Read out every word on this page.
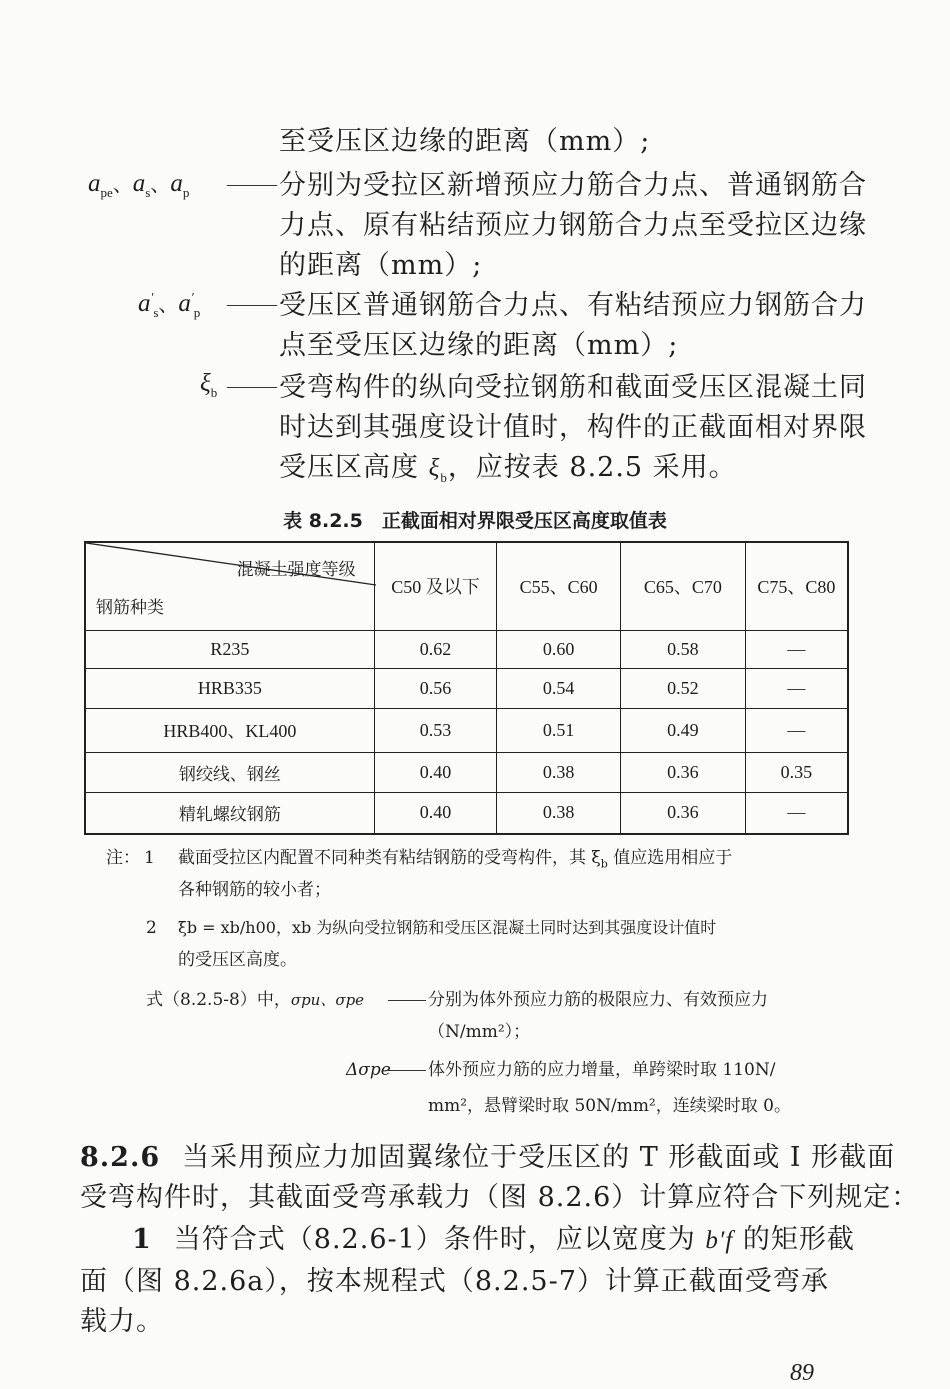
至受压区边缘的距离（mm）;
$a_{pe}$、$a_s$、$a_p$	分别为受拉区新增预应力筋合力点、普通钢筋合
力点、原有粘结预应力钢筋合力点至受拉区边缘
的距离（mm）;
$a'_s$、$a'_p$	受压区普通钢筋合力点、有粘结预应力钢筋合力
点至受压区边缘的距离（mm）;
$\xi_b$ 受弯构件的纵向受拉钢筋和截面受压区混凝土同
时达到其强度设计值时，构件的正截面相对界限
受压区高度 $\xi_b$，应按表 8.2.5 采用。
表 8.2.5　正截面相对界限受压区高度取值表
混凝土强度等级
钢筋种类	C50 及以下	C55、C60	C65、C70	C75、C80
R235	0.62	0.60	0.58	—
HRB335	0.56	0.54	0.52	—
HRB400、KL400	0.53	0.51	0.49	—
钢绞线、钢丝	0.40	0.38	0.36	0.35
精轧螺纹钢筋	0.40	0.38	0.36	—
注： 1 截面受拉区内配置不同种类有粘结钢筋的受弯构件，其 $\xi_b$ 值应选用相应于
各种钢筋的较小者；
2 ξb = xb/h00，xb 为纵向受拉钢筋和受压区混凝土同时达到其强度设计值时
的受压区高度。
式（8.2.5-8）中，σpu、σpe	分别为体外预应力筋的极限应力、有效预应力
（N/mm²）；
Δσpe 体外预应力筋的应力增量，单跨梁时取 110N/
mm²，悬臂梁时取 50N/mm²，连续梁时取 0。
8.2.6 当采用预应力加固翼缘位于受压区的 T 形截面或 I 形截面
受弯构件时，其截面受弯承载力（图 8.2.6）计算应符合下列规定：
1 当符合式（8.2.6-1）条件时，应以宽度为 b′f 的矩形截
面（图 8.2.6a），按本规程式（8.2.5-7）计算正截面受弯承
载力。
89
